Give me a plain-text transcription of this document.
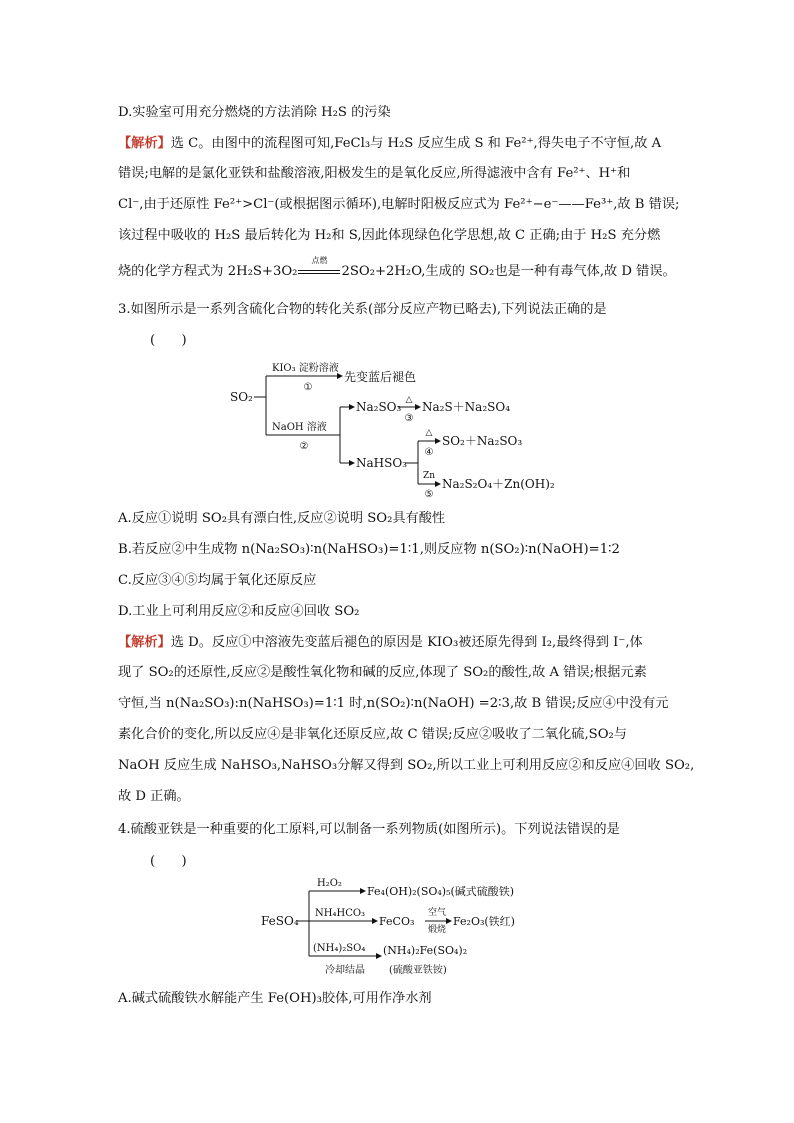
D.实验室可用充分燃烧的方法消除 H₂S 的污染
【解析】选 C。由图中的流程图可知,FeCl₃与 H₂S 反应生成 S 和 Fe²⁺,得失电子不守恒,故 A
错误;电解的是氯化亚铁和盐酸溶液,阳极发生的是氧化反应,所得滤液中含有 Fe²⁺、H⁺和
Cl⁻,由于还原性 Fe²⁺>Cl⁻(或根据图示循环),电解时阳极反应式为 Fe²⁺−e⁻——Fe³⁺,故 B 错误;
该过程中吸收的 H₂S 最后转化为 H₂和 S,因此体现绿色化学思想,故 C 正确;由于 H₂S 充分燃
烧的化学方程式为 2H₂S+3O₂
点燃
2SO₂+2H₂O,生成的 SO₂也是一种有毒气体,故 D 错误。
3.如图所示是一系列含硫化合物的转化关系(部分反应产物已略去),下列说法正确的是
(　　)
SO₂
KIO₃ 淀粉溶液
①
先变蓝后褪色
NaOH 溶液
②
Na₂SO₃ △
③
Na₂S＋Na₂SO₄
NaHSO₃
△
④
SO₂＋Na₂SO₃
Zn
⑤
Na₂S₂O₄＋Zn(OH)₂
A.反应①说明 SO₂具有漂白性,反应②说明 SO₂具有酸性
B.若反应②中生成物 n(Na₂SO₃)∶n(NaHSO₃)=1∶1,则反应物 n(SO₂)∶n(NaOH)=1∶2
C.反应③④⑤均属于氧化还原反应
D.工业上可利用反应②和反应④回收 SO₂
【解析】选 D。反应①中溶液先变蓝后褪色的原因是 KIO₃被还原先得到 I₂,最终得到 I⁻,体
现了 SO₂的还原性,反应②是酸性氧化物和碱的反应,体现了 SO₂的酸性,故 A 错误;根据元素
守恒,当 n(Na₂SO₃):n(NaHSO₃)=1∶1 时,n(SO₂)∶n(NaOH) =2∶3,故 B 错误;反应④中没有元
素化合价的变化,所以反应④是非氧化还原反应,故 C 错误;反应②吸收了二氧化硫,SO₂与
NaOH 反应生成 NaHSO₃,NaHSO₃分解又得到 SO₂,所以工业上可利用反应②和反应④回收 SO₂,
故 D 正确。
4.硫酸亚铁是一种重要的化工原料,可以制备一系列物质(如图所示)。下列说法错误的是
(　　)
FeSO₄
H₂O₂
Fe₄(OH)₂(SO₄)₅(碱式硫酸铁)
NH₄HCO₃
FeCO₃
空气
煅烧
Fe₂O₃(铁红)
(NH₄)₂SO₄ (NH₄)₂Fe(SO₄)₂
冷却结晶 (硫酸亚铁铵)
A.碱式硫酸铁水解能产生 Fe(OH)₃胶体,可用作净水剂
